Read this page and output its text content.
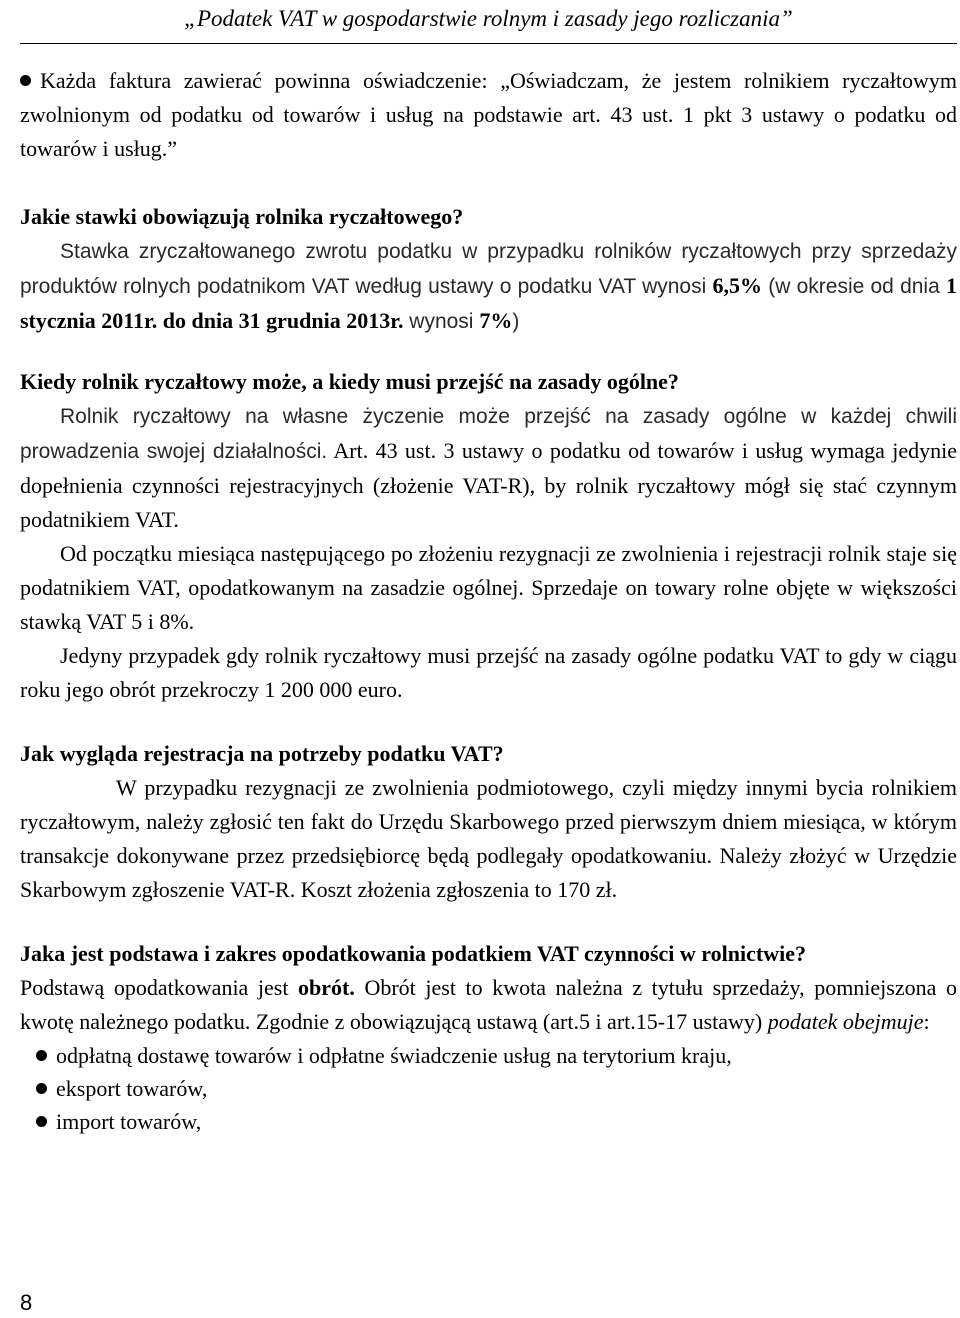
„Podatek VAT w gospodarstwie rolnym i zasady jego rozliczania”

Każda faktura zawierać powinna oświadczenie: „Oświadczam, że jestem rolnikiem ryczałtowym zwolnionym od podatku od towarów i usług na podstawie art. 43 ust. 1 pkt 3 ustawy o podatku od towarów i usług.”

Jakie stawki obowiązują rolnika ryczałtowego?

Stawka zryczałtowanego zwrotu podatku w przypadku rolników ryczałtowych przy sprzedaży produktów rolnych podatnikom VAT według ustawy o podatku VAT wynosi 6,5% (w okresie od dnia 1 stycznia 2011r. do dnia 31 grudnia 2013r. wynosi 7%)

Kiedy rolnik ryczałtowy może, a kiedy musi przejść na zasady ogólne?

Rolnik ryczałtowy na własne życzenie może przejść na zasady ogólne w każdej chwili prowadzenia swojej działalności. Art. 43 ust. 3 ustawy o podatku od towarów i usług wymaga jedynie dopełnienia czynności rejestracyjnych (złożenie VAT-R), by rolnik ryczałtowy mógł się stać czynnym podatnikiem VAT.

Od początku miesiąca następującego po złożeniu rezygnacji ze zwolnienia i rejestracji rolnik staje się podatnikiem VAT, opodatkowanym na zasadzie ogólnej. Sprzedaje on towary rolne objęte w większości stawką VAT 5 i 8%.

Jedyny przypadek gdy rolnik ryczałtowy musi przejść na zasady ogólne podatku VAT to gdy w ciągu roku jego obrót przekroczy 1 200 000 euro.

Jak wygląda rejestracja na potrzeby podatku VAT?

W przypadku rezygnacji ze zwolnienia podmiotowego, czyli między innymi bycia rolnikiem ryczałtowym, należy zgłosić ten fakt do Urzędu Skarbowego przed pierwszym dniem miesiąca, w którym transakcje dokonywane przez przedsiębiorcę będą podlegały opodatkowaniu. Należy złożyć w Urzędzie Skarbowym zgłoszenie VAT-R. Koszt złożenia zgłoszenia to 170 zł.

Jaka jest podstawa i zakres opodatkowania podatkiem VAT czynności w rolnictwie?

Podstawą opodatkowania jest obrót. Obrót jest to kwota należna z tytułu sprzedaży, pomniejszona o kwotę należnego podatku. Zgodnie z obowiązującą ustawą (art.5 i art.15-17 ustawy) podatek obejmuje:

odpłatną dostawę towarów i odpłatne świadczenie usług na terytorium kraju,
eksport towarów,
import towarów,
8
